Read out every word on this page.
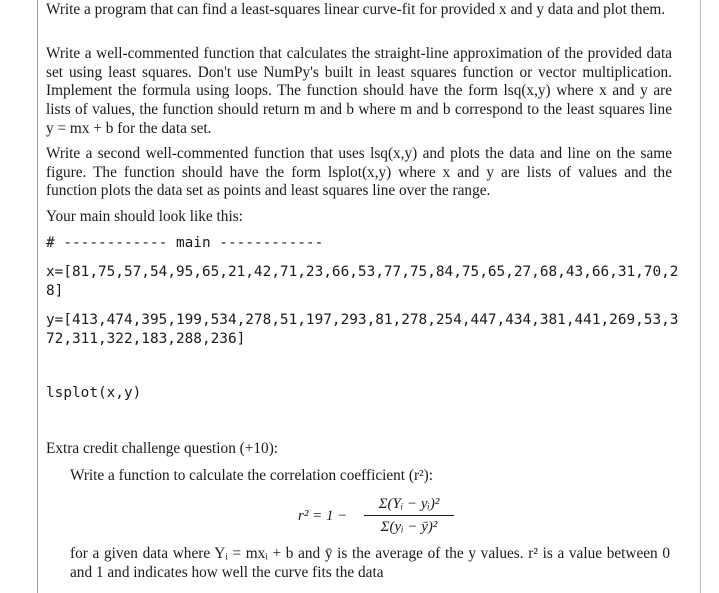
Write a program that can find a least-squares linear curve-fit for provided x and y data and plot them.

Write a well-commented function that calculates the straight-line approximation of the provided data set using least squares. Don't use NumPy's built in least squares function or vector multiplication. Implement the formula using loops. The function should have the form lsq(x,y) where x and y are lists of values, the function should return m and b where m and b correspond to the least squares line y = mx + b for the data set.

Write a second well-commented function that uses lsq(x,y) and plots the data and line on the same figure. The function should have the form lsplot(x,y) where x and y are lists of values and the function plots the data set as points and least squares line over the range.

Your main should look like this:

# ------------ main ------------

x=[81,75,57,54,95,65,21,42,71,23,66,53,77,75,84,75,65,27,68,43,66,31,70,28]

y=[413,474,395,199,534,278,51,197,293,81,278,254,447,434,381,441,269,53,372,311,322,183,288,236]

lsplot(x,y)

Extra credit challenge question (+10):

Write a function to calculate the correlation coefficient (r²):

r² = 1 −
Σ(Yᵢ − yᵢ)²
Σ(yᵢ − ȳ)²

for a given data where Yᵢ = mxᵢ + b and ȳ is the average of the y values. r² is a value between 0 and 1 and indicates how well the curve fits the data
